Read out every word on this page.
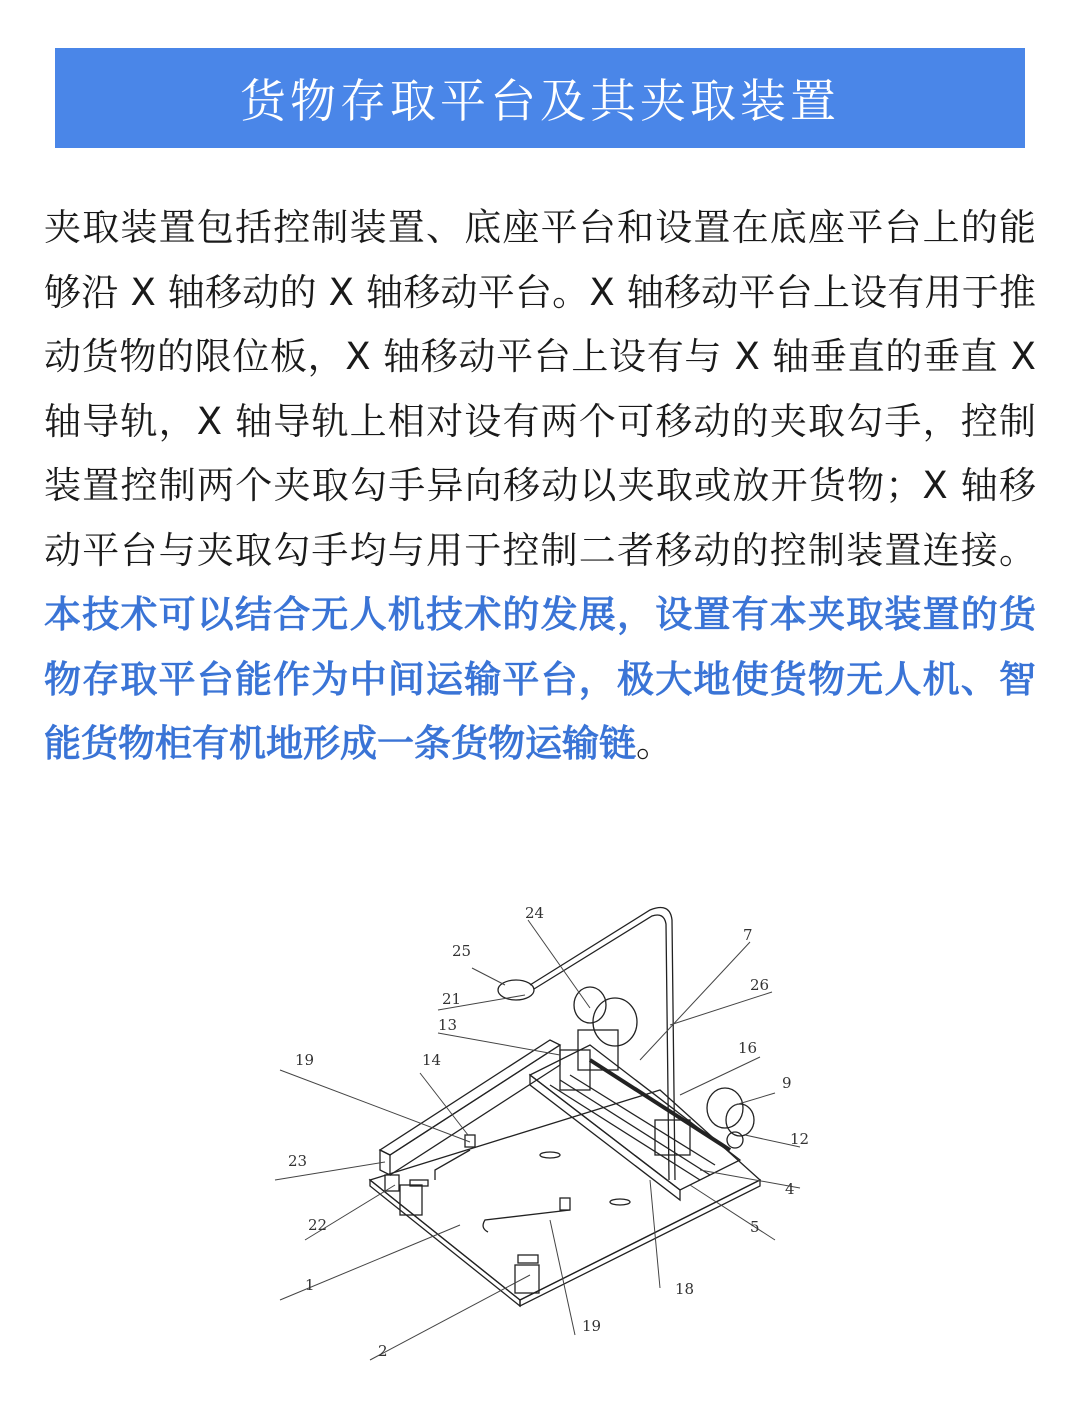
货物存取平台及其夹取装置

夹取装置包括控制装置、底座平台和设置在底座平台上的能够沿 X 轴移动的 X 轴移动平台。X 轴移动平台上设有用于推动货物的限位板，X 轴移动平台上设有与 X 轴垂直的垂直 X 轴导轨，X 轴导轨上相对设有两个可移动的夹取勾手，控制装置控制两个夹取勾手异向移动以夹取或放开货物；X 轴移动平台与夹取勾手均与用于控制二者移动的控制装置连接。本技术可以结合无人机技术的发展，设置有本夹取装置的货物存取平台能作为中间运输平台，极大地使货物无人机、智能货物柜有机地形成一条货物运输链。

24
7
25
26
21
13
16
19	14
9
12
23
4
22	5
1	18
19
2
